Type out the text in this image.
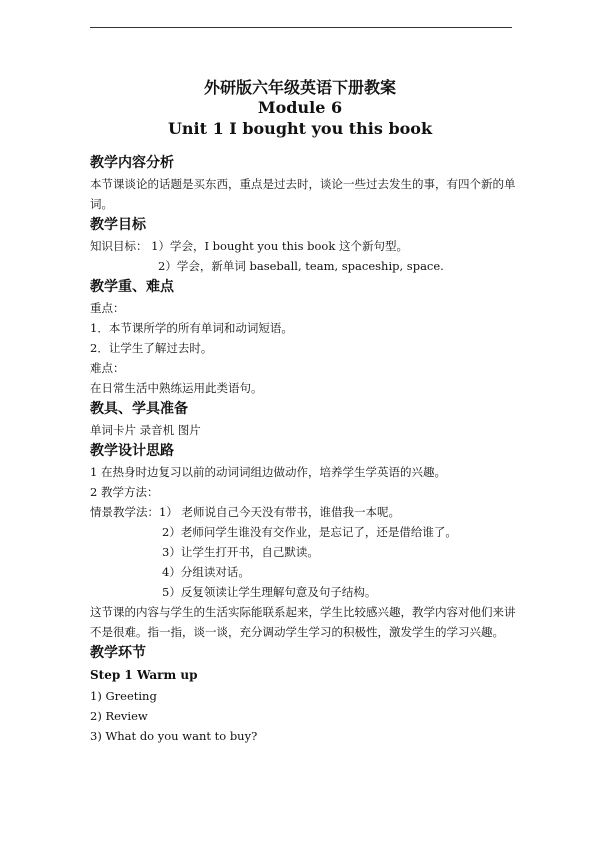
外研版六年级英语下册教案
Module 6
Unit 1 I bought you this book
教学内容分析
本节课谈论的话题是买东西，重点是过去时，谈论一些过去发生的事，有四个新的单词。
教学目标
知识目标： 1）学会，I bought you this book 这个新句型。
2）学会，新单词 baseball, team, spaceship, space.
教学重、难点
重点：
1．本节课所学的所有单词和动词短语。
2．让学生了解过去时。
难点：
在日常生活中熟练运用此类语句。
教具、学具准备
单词卡片 录音机 图片
教学设计思路
1 在热身时边复习以前的动词词组边做动作，培养学生学英语的兴趣。
2 教学方法：
情景教学法：1） 老师说自己今天没有带书，谁借我一本呢。
2）老师问学生谁没有交作业，是忘记了，还是借给谁了。
3）让学生打开书，自己默读。
4）分组读对话。
5）反复领读让学生理解句意及句子结构。
这节课的内容与学生的生活实际能联系起来，学生比较感兴趣，教学内容对他们来讲不是很难。指一指，谈一谈，充分调动学生学习的积极性，激发学生的学习兴趣。
教学环节
Step 1 Warm up
1) Greeting
2) Review
3) What do you want to buy?
